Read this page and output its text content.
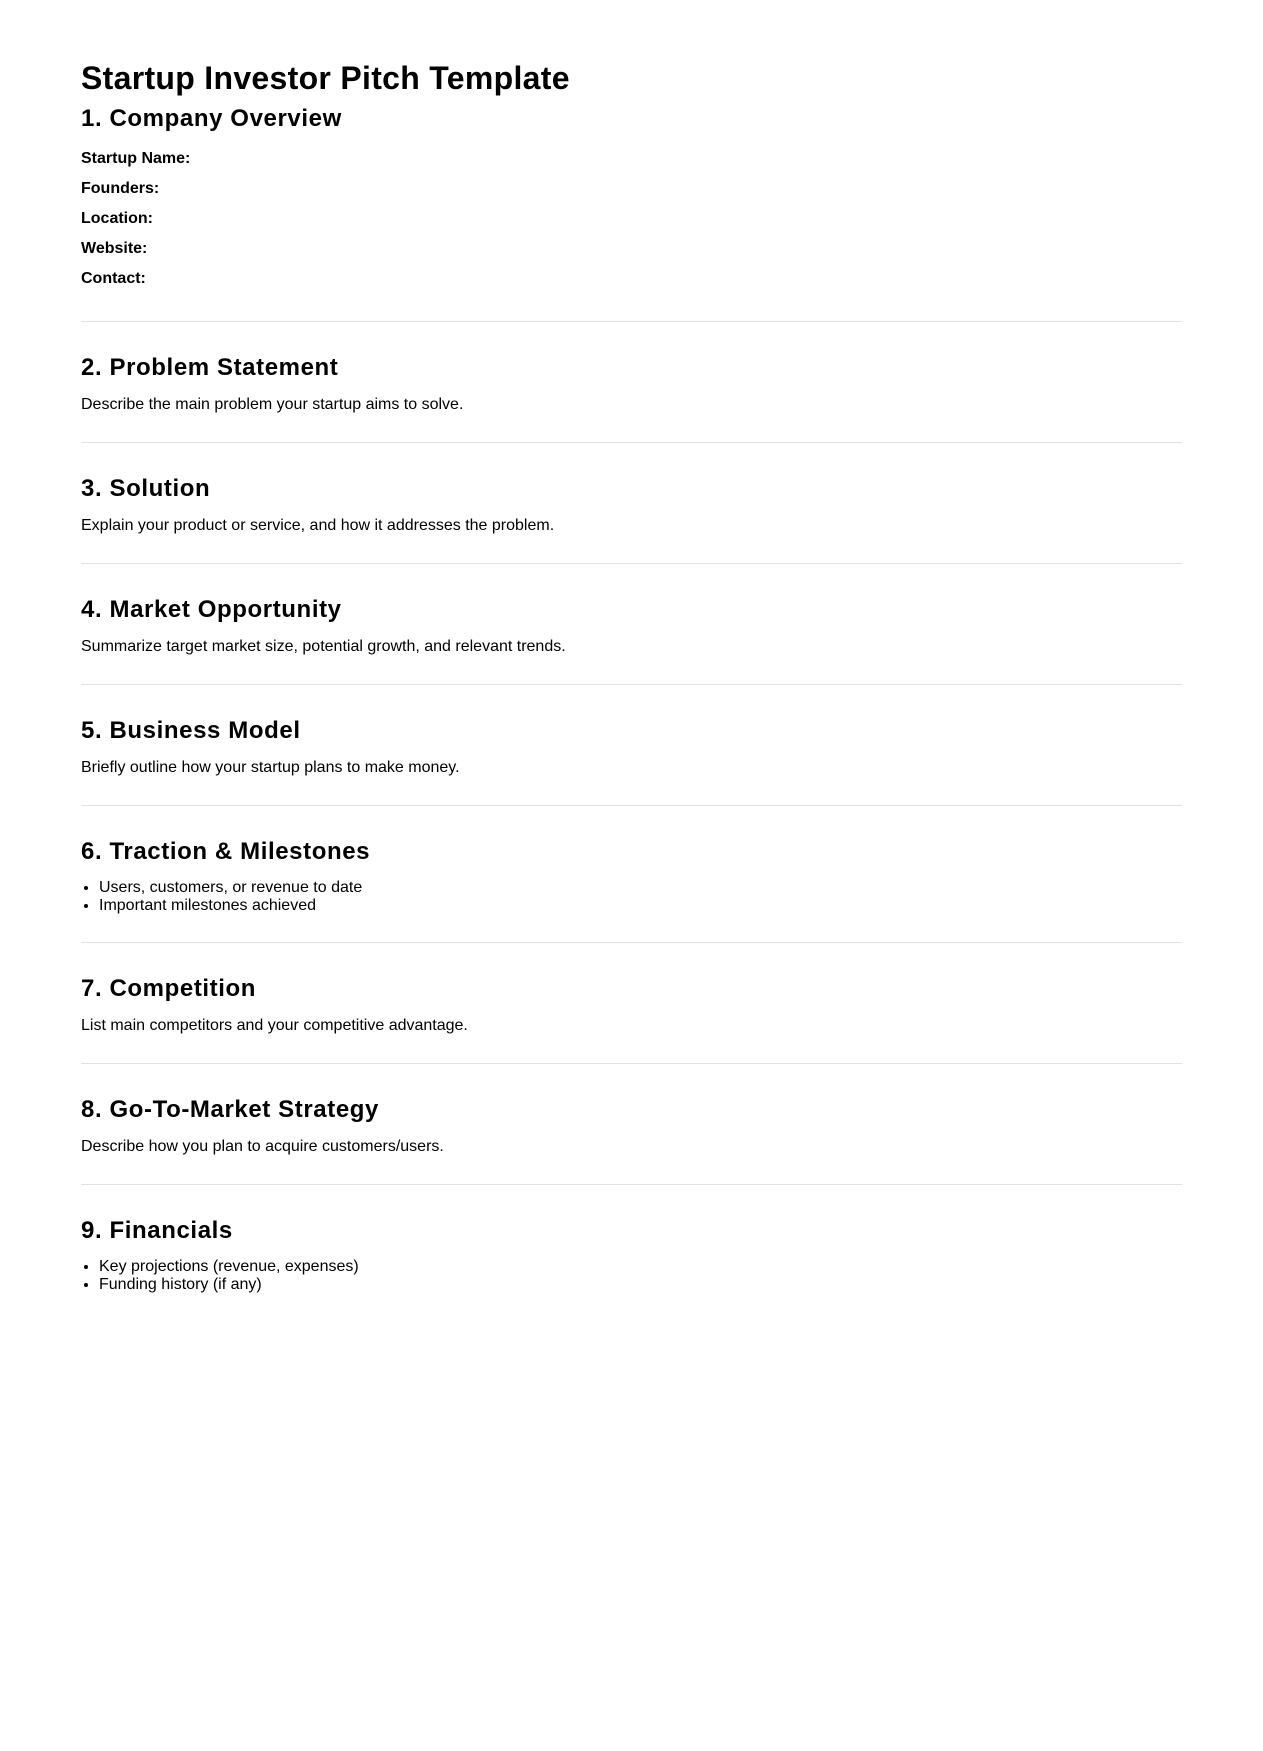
Startup Investor Pitch Template
1. Company Overview
Startup Name:
Founders:
Location:
Website:
Contact:
2. Problem Statement

Describe the main problem your startup aims to solve.

3. Solution

Explain your product or service, and how it addresses the problem.

4. Market Opportunity

Summarize target market size, potential growth, and relevant trends.

5. Business Model

Briefly outline how your startup plans to make money.

6. Traction & Milestones
• Users, customers, or revenue to date
• Important milestones achieved
7. Competition

List main competitors and your competitive advantage.

8. Go-To-Market Strategy

Describe how you plan to acquire customers/users.

9. Financials
• Key projections (revenue, expenses)
• Funding history (if any)
